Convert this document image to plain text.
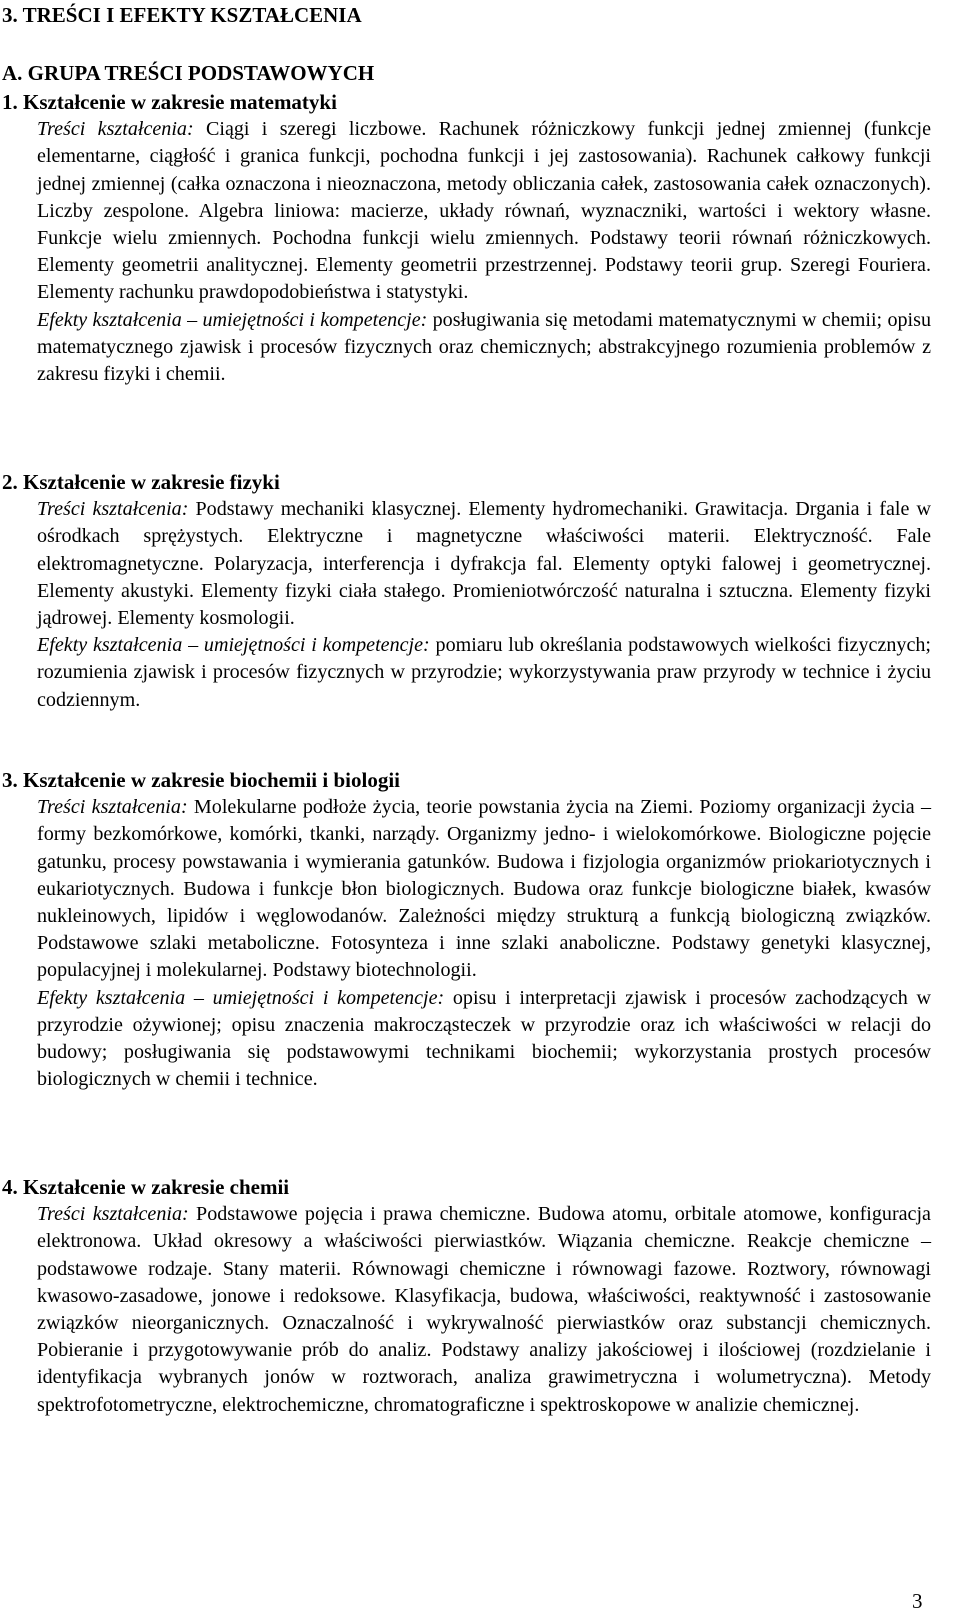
3. TREŚCI I EFEKTY KSZTAŁCENIA
A. GRUPA TREŚCI PODSTAWOWYCH
1. Kształcenie w zakresie matematyki
Treści kształcenia: Ciągi i szeregi liczbowe. Rachunek różniczkowy funkcji jednej zmiennej (funkcje elementarne, ciągłość i granica funkcji, pochodna funkcji i jej zastosowania). Rachunek całkowy funkcji jednej zmiennej (całka oznaczona i nieoznaczona, metody obliczania całek, zastosowania całek oznaczonych). Liczby zespolone. Algebra liniowa: macierze, układy równań, wyznaczniki, wartości i wektory własne. Funkcje wielu zmiennych. Pochodna funkcji wielu zmiennych. Podstawy teorii równań różniczkowych. Elementy geometrii analitycznej. Elementy geometrii przestrzennej. Podstawy teorii grup. Szeregi Fouriera. Elementy rachunku prawdopodobieństwa i statystyki.
Efekty kształcenia – umiejętności i kompetencje: posługiwania się metodami matematycznymi w chemii; opisu matematycznego zjawisk i procesów fizycznych oraz chemicznych; abstrakcyjnego rozumienia problemów z zakresu fizyki i chemii.
2. Kształcenie w zakresie fizyki
Treści kształcenia: Podstawy mechaniki klasycznej. Elementy hydromechaniki. Grawitacja. Drgania i fale w ośrodkach sprężystych. Elektryczne i magnetyczne właściwości materii. Elektryczność. Fale elektromagnetyczne. Polaryzacja, interferencja i dyfrakcja fal. Elementy optyki falowej i geometrycznej. Elementy akustyki. Elementy fizyki ciała stałego. Promieniotwórczość naturalna i sztuczna. Elementy fizyki jądrowej. Elementy kosmologii.
Efekty kształcenia – umiejętności i kompetencje: pomiaru lub określania podstawowych wielkości fizycznych; rozumienia zjawisk i procesów fizycznych w przyrodzie; wykorzystywania praw przyrody w technice i życiu codziennym.
3. Kształcenie w zakresie biochemii i biologii
Treści kształcenia: Molekularne podłoże życia, teorie powstania życia na Ziemi. Poziomy organizacji życia – formy bezkomórkowe, komórki, tkanki, narządy. Organizmy jedno- i wielokomórkowe. Biologiczne pojęcie gatunku, procesy powstawania i wymierania gatunków. Budowa i fizjologia organizmów priokariotycznych i eukariotycznych. Budowa i funkcje błon biologicznych. Budowa oraz funkcje biologiczne białek, kwasów nukleinowych, lipidów i węglowodanów. Zależności między strukturą a funkcją biologiczną związków. Podstawowe szlaki metaboliczne. Fotosynteza i inne szlaki anaboliczne. Podstawy genetyki klasycznej, populacyjnej i molekularnej. Podstawy biotechnologii.
Efekty kształcenia – umiejętności i kompetencje: opisu i interpretacji zjawisk i procesów zachodzących w przyrodzie ożywionej; opisu znaczenia makrocząsteczek w przyrodzie oraz ich właściwości w relacji do budowy; posługiwania się podstawowymi technikami biochemii; wykorzystania prostych procesów biologicznych w chemii i technice.
4. Kształcenie w zakresie chemii
Treści kształcenia: Podstawowe pojęcia i prawa chemiczne. Budowa atomu, orbitale atomowe, konfiguracja elektronowa. Układ okresowy a właściwości pierwiastków. Wiązania chemiczne. Reakcje chemiczne – podstawowe rodzaje. Stany materii. Równowagi chemiczne i równowagi fazowe. Roztwory, równowagi kwasowo-zasadowe, jonowe i redoksowe. Klasyfikacja, budowa, właściwości, reaktywność i zastosowanie związków nieorganicznych. Oznaczalność i wykrywalność pierwiastków oraz substancji chemicznych. Pobieranie i przygotowywanie prób do analiz. Podstawy analizy jakościowej i ilościowej (rozdzielanie i identyfikacja wybranych jonów w roztworach, analiza grawimetryczna i wolumetryczna). Metody spektrofotometryczne, elektrochemiczne, chromatograficzne i spektroskopowe w analizie chemicznej.
3
